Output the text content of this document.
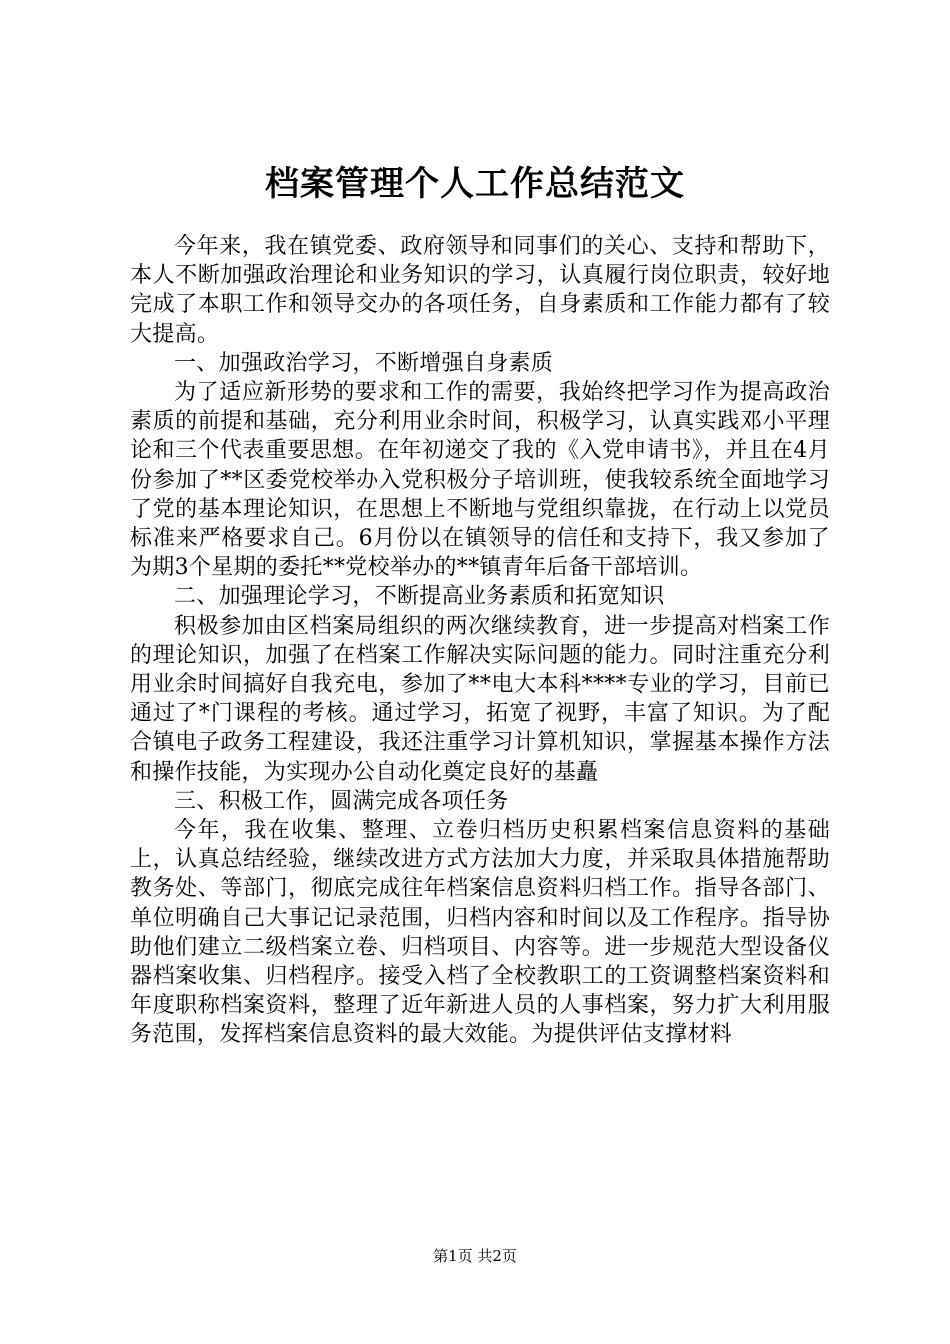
档案管理个人工作总结范文

今年来，我在镇党委、政府领导和同事们的关心、支持和帮助下，本人不断加强政治理论和业务知识的学习，认真履行岗位职责，较好地完成了本职工作和领导交办的各项任务，自身素质和工作能力都有了较大提高。

一、加强政治学习，不断增强自身素质

为了适应新形势的要求和工作的需要，我始终把学习作为提高政治素质的前提和基础，充分利用业余时间，积极学习，认真实践邓小平理论和三个代表重要思想。在年初递交了我的《入党申请书》，并且在4月份参加了**区委党校举办入党积极分子培训班，使我较系统全面地学习了党的基本理论知识，在思想上不断地与党组织靠拢，在行动上以党员标准来严格要求自己。6月份以在镇领导的信任和支持下，我又参加了为期3个星期的委托**党校举办的**镇青年后备干部培训。

二、加强理论学习，不断提高业务素质和拓宽知识

积极参加由区档案局组织的两次继续教育，进一步提高对档案工作的理论知识，加强了在档案工作解决实际问题的能力。同时注重充分利用业余时间搞好自我充电，参加了**电大本科****专业的学习，目前已通过了*门课程的考核。通过学习，拓宽了视野，丰富了知识。为了配合镇电子政务工程建设，我还注重学习计算机知识，掌握基本操作方法和操作技能，为实现办公自动化奠定良好的基矗

三、积极工作，圆满完成各项任务

今年，我在收集、整理、立卷归档历史积累档案信息资料的基础上，认真总结经验，继续改进方式方法加大力度，并采取具体措施帮助教务处、等部门，彻底完成往年档案信息资料归档工作。指导各部门、单位明确自己大事记记录范围，归档内容和时间以及工作程序。指导协助他们建立二级档案立卷、归档项目、内容等。进一步规范大型设备仪器档案收集、归档程序。接受入档了全校教职工的工资调整档案资料和年度职称档案资料，整理了近年新进人员的人事档案，努力扩大利用服务范围，发挥档案信息资料的最大效能。为提供评估支撑材料

第1页 共2页
